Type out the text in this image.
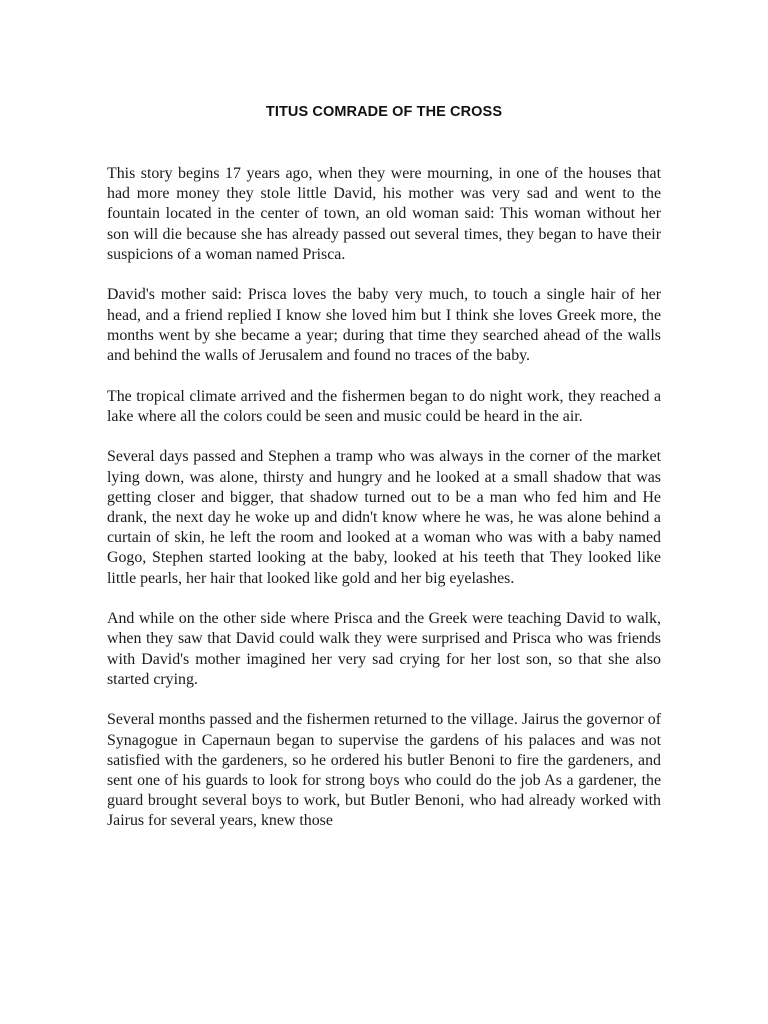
TITUS COMRADE OF THE CROSS

This story begins 17 years ago, when they were mourning, in one of the houses that had more money they stole little David, his mother was very sad and went to the fountain located in the center of town, an old woman said: This woman without her son will die because she has already passed out several times, they began to have their suspicions of a woman named Prisca.

David's mother said: Prisca loves the baby very much, to touch a single hair of her head, and a friend replied I know she loved him but I think she loves Greek more, the months went by she became a year; during that time they searched ahead of the walls and behind the walls of Jerusalem and found no traces of the baby.

The tropical climate arrived and the fishermen began to do night work, they reached a lake where all the colors could be seen and music could be heard in the air.

Several days passed and Stephen a tramp who was always in the corner of the market lying down, was alone, thirsty and hungry and he looked at a small shadow that was getting closer and bigger, that shadow turned out to be a man who fed him and He drank, the next day he woke up and didn't know where he was, he was alone behind a curtain of skin, he left the room and looked at a woman who was with a baby named Gogo, Stephen started looking at the baby, looked at his teeth that They looked like little pearls, her hair that looked like gold and her big eyelashes.

And while on the other side where Prisca and the Greek were teaching David to walk, when they saw that David could walk they were surprised and Prisca who was friends with David's mother imagined her very sad crying for her lost son, so that she also started crying.

Several months passed and the fishermen returned to the village. Jairus the governor of Synagogue in Capernaun began to supervise the gardens of his palaces and was not satisfied with the gardeners, so he ordered his butler Benoni to fire the gardeners, and sent one of his guards to look for strong boys who could do the job As a gardener, the guard brought several boys to work, but Butler Benoni, who had already worked with Jairus for several years, knew those
